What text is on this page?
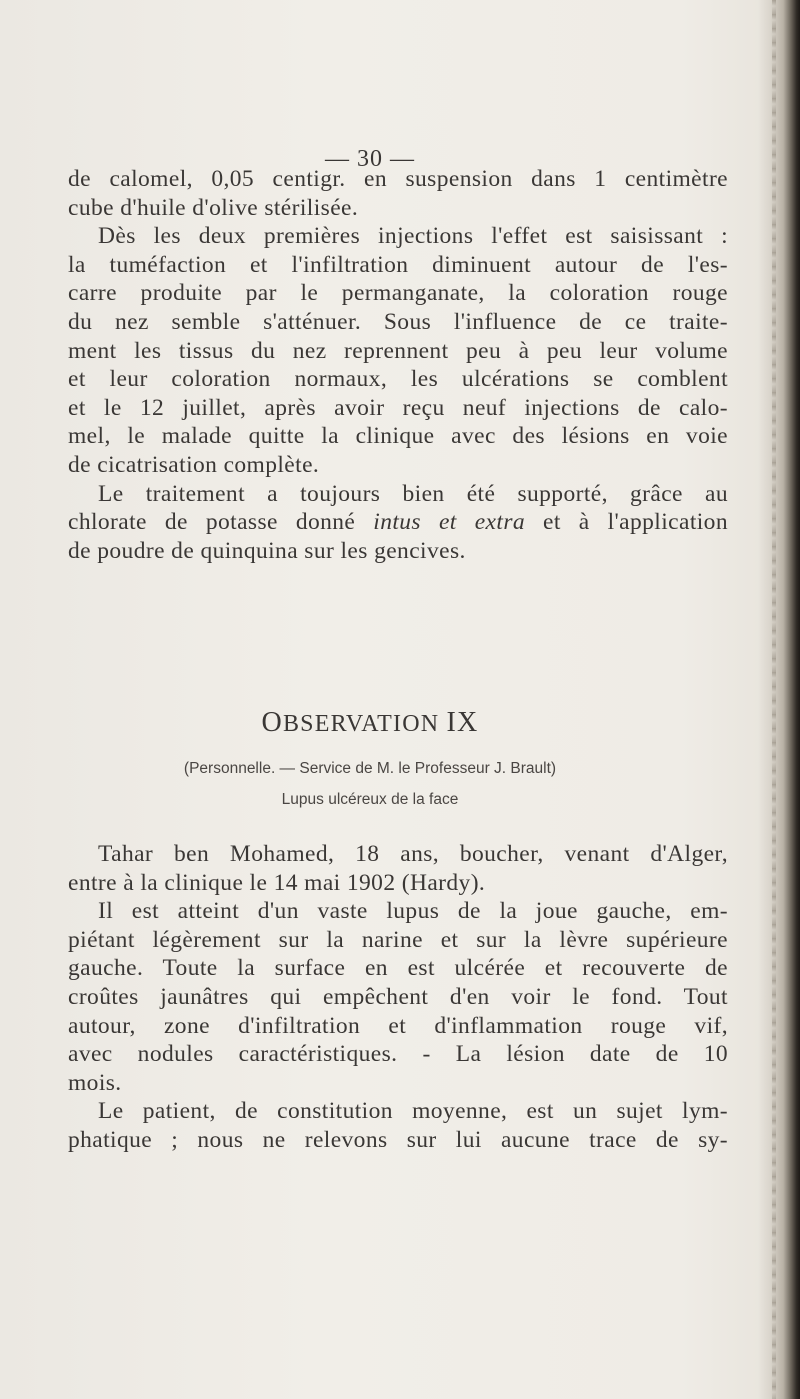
— 30 —
de calomel, 0,05 centigr. en suspension dans 1 centimètre
cube d'huile d'olive stérilisée.
Dès les deux premières injections l'effet est saisissant :
la tuméfaction et l'infiltration diminuent autour de l'es-
carre produite par le permanganate, la coloration rouge
du nez semble s'atténuer. Sous l'influence de ce traite-
ment les tissus du nez reprennent peu à peu leur volume
et leur coloration normaux, les ulcérations se comblent
et le 12 juillet, après avoir reçu neuf injections de calo-
mel, le malade quitte la clinique avec des lésions en voie
de cicatrisation complète.
Le traitement a toujours bien été supporté, grâce au
chlorate de potasse donné intus et extra et à l'application
de poudre de quinquina sur les gencives.
OBSERVATION IX
(Personnelle. — Service de M. le Professeur J. Brault)
Lupus ulcéreux de la face
Tahar ben Mohamed, 18 ans, boucher, venant d'Alger,
entre à la clinique le 14 mai 1902 (Hardy).
Il est atteint d'un vaste lupus de la joue gauche, em-
piétant légèrement sur la narine et sur la lèvre supérieure
gauche. Toute la surface en est ulcérée et recouverte de
croûtes jaunâtres qui empêchent d'en voir le fond. Tout
autour, zone d'infiltration et d'inflammation rouge vif,
avec nodules caractéristiques. - La lésion date de 10
mois.
Le patient, de constitution moyenne, est un sujet lym-
phatique ; nous ne relevons sur lui aucune trace de sy-
